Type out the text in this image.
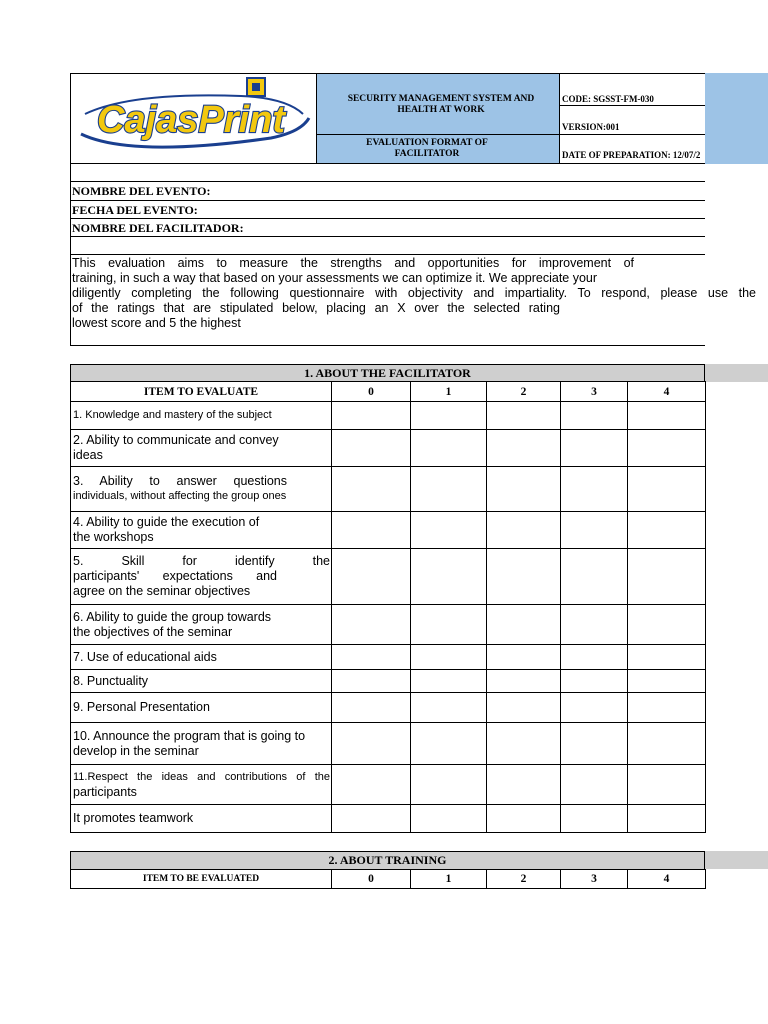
CajasPrint	SECURITY MANAGEMENT SYSTEM AND HEALTH AT WORK
EVALUATION FORMAT OF FACILITATOR
CODE: SGSST-FM-030
VERSION:001
DATE OF PREPARATION: 12/07/2
NOMBRE DEL EVENTO:
FECHA DEL EVENTO:
NOMBRE DEL FACILITADOR:
This evaluation aims to measure the strengths and opportunities for improvement of
training, in such a way that based on your assessments we can optimize it. We appreciate your
diligently completing the following questionnaire with objectivity and impartiality. To respond, please use the
of the ratings that are stipulated below, placing an X over the selected rating
lowest score and 5 the highest
1. ABOUT THE FACILITATOR
ITEM TO EVALUATE	0	1	2	3	4
1. Knowledge and mastery of the subject					

2. Ability to communicate and convey
ideas					

3. Ability to answer questions
individuals, without affecting the group ones					

4. Ability to guide the execution of
the workshops					

5. Skill for identify the
participants' expectations and
agree on the seminar objectives					

6. Ability to guide the group towards
the objectives of the seminar					

7. Use of educational aids					
8. Punctuality					
9. Personal Presentation					

10. Announce the program that is going to
develop in the seminar					

11.Respect the ideas and contributions of the
participants					

It promotes teamwork					
2. ABOUT TRAINING
ITEM TO BE EVALUATED	0	1	2	3	4
